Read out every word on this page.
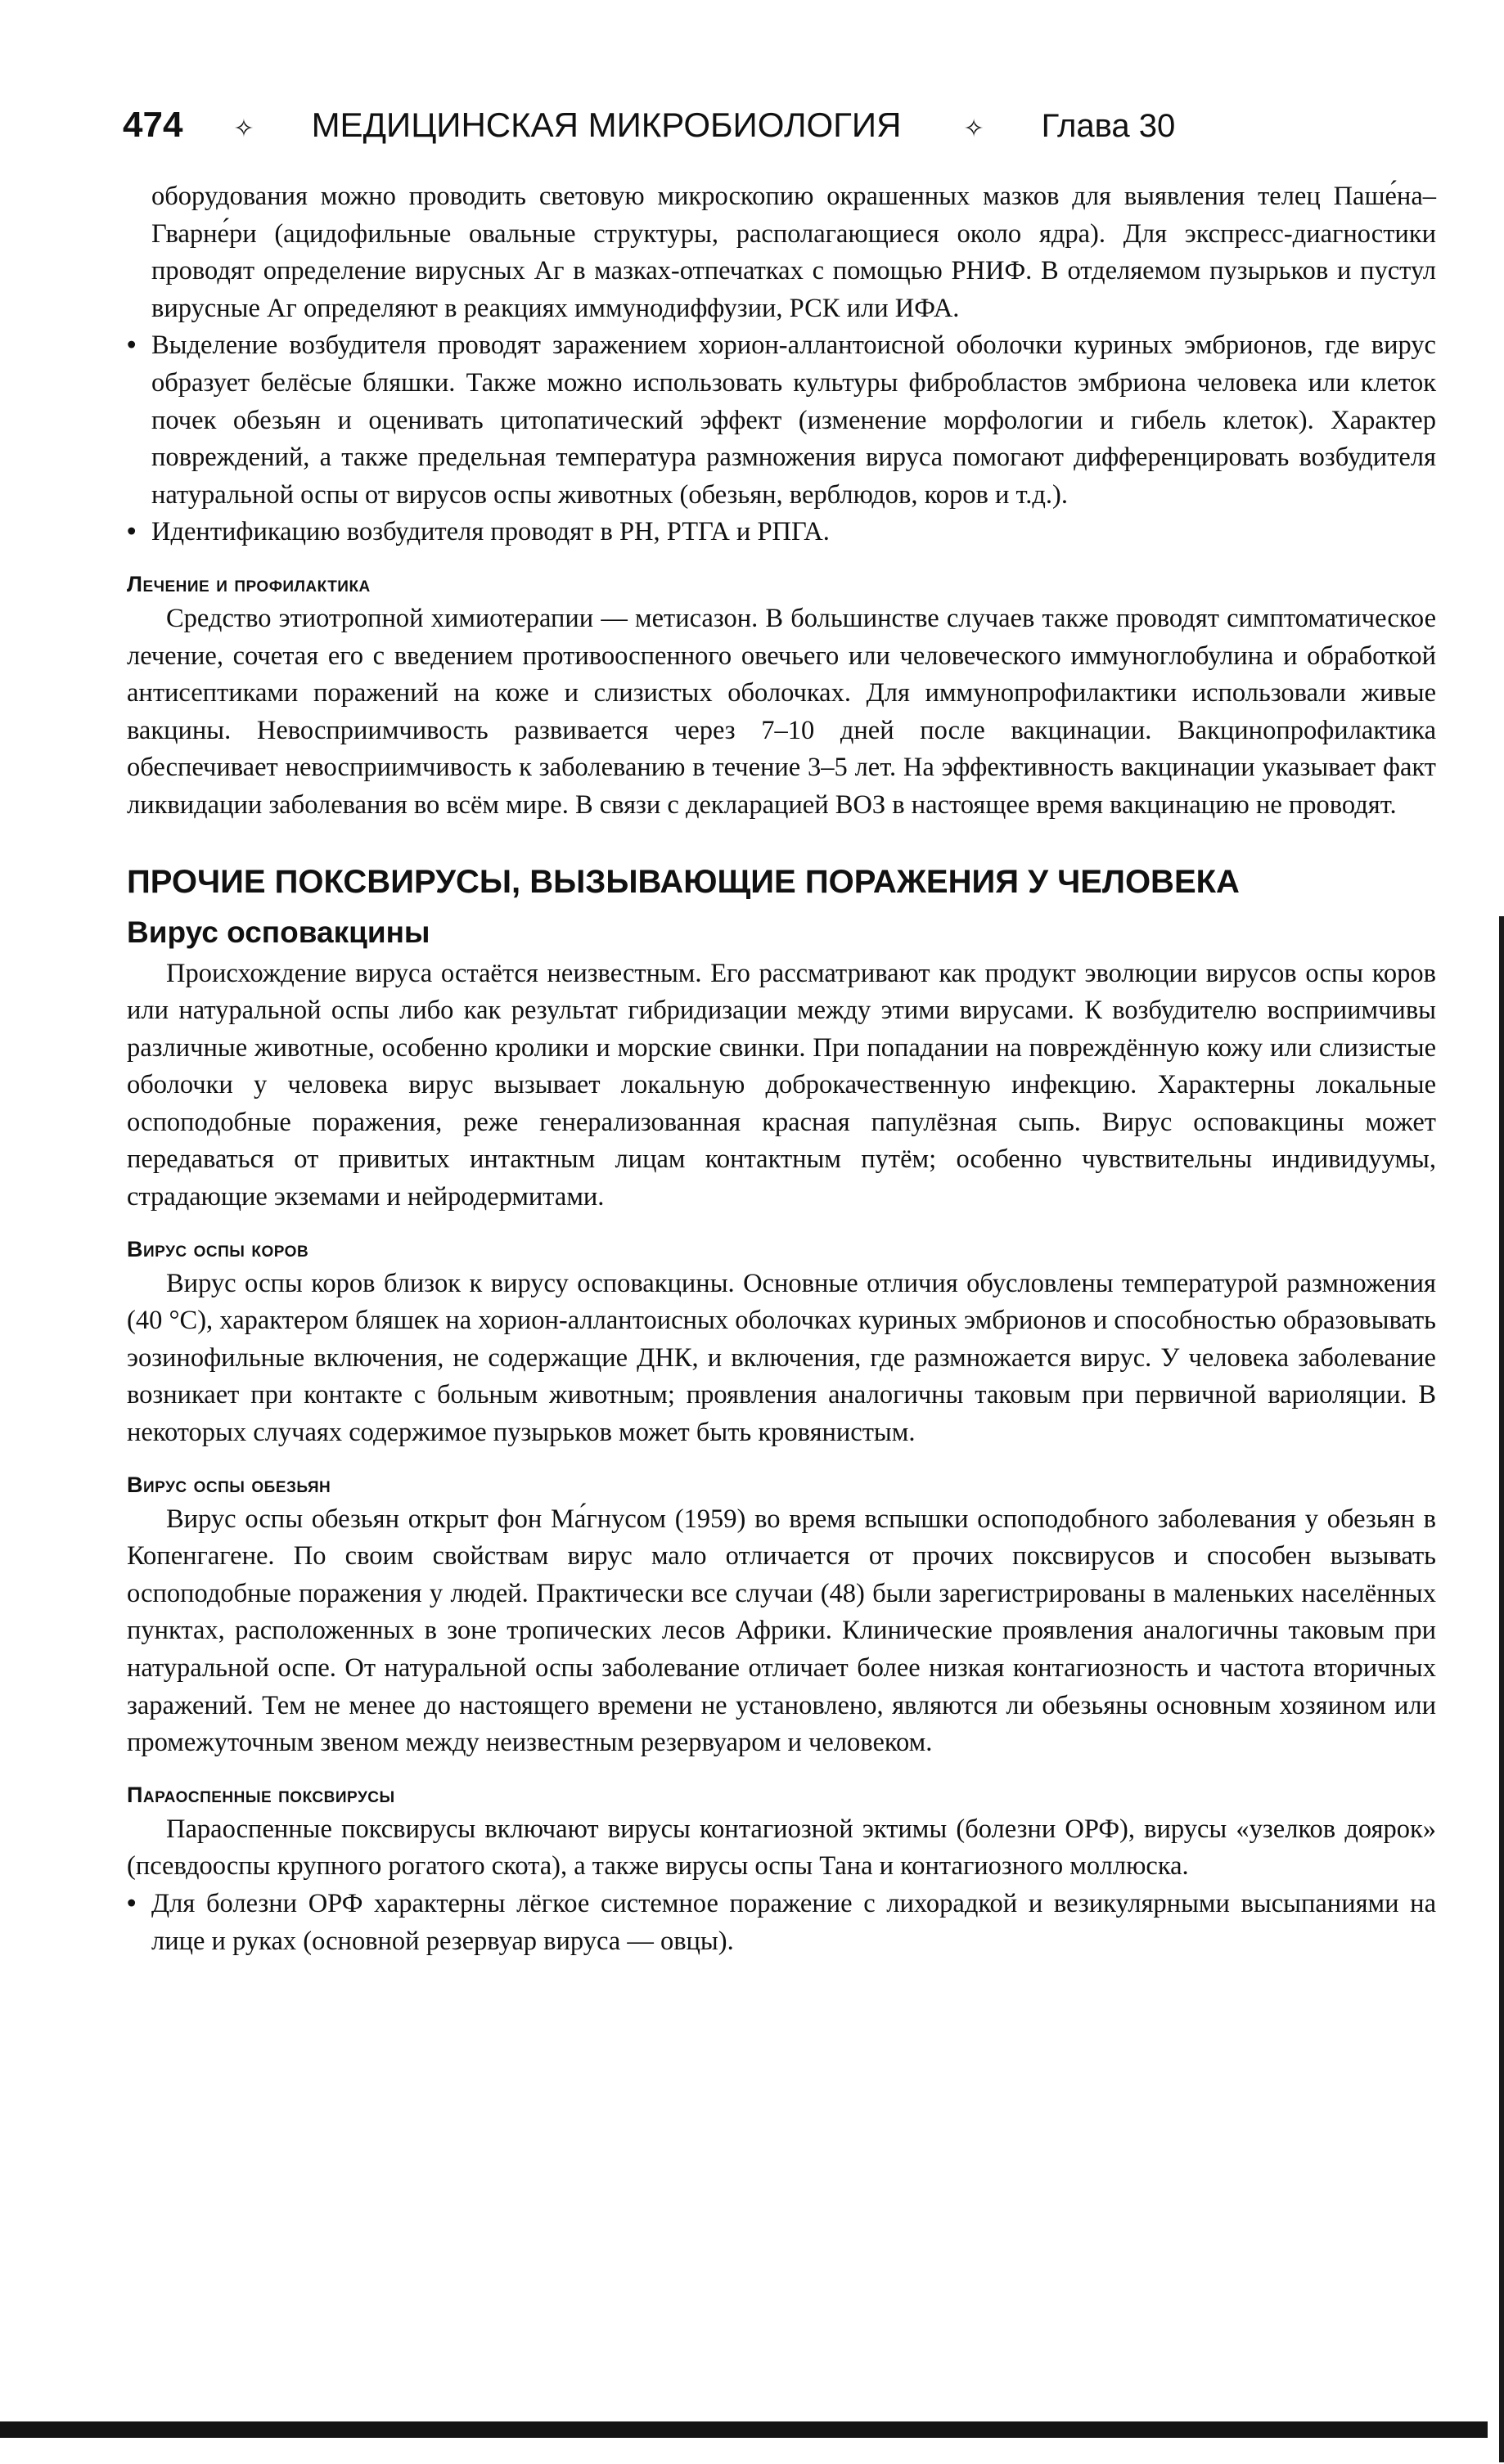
474 ✧ МЕДИЦИНСКАЯ МИКРОБИОЛОГИЯ	✧ Глава 30

оборудования можно проводить световую микроскопию окрашенных мазков для выявления телец Паше́на–Гварне́ри (ацидофильные овальные структуры, располагающиеся около ядра). Для экспресс-диагностики проводят определение вирусных Аг в мазках-отпечатках с помощью РНИФ. В отделяемом пузырьков и пустул вирусные Аг определяют в реакциях иммунодиффузии, РСК или ИФА.

• Выделение возбудителя проводят заражением хорион-аллантоисной оболочки куриных эмбрионов, где вирус образует белёсые бляшки. Также можно использовать культуры фибробластов эмбриона человека или клеток почек обезьян и оценивать цитопатический эффект (изменение морфологии и гибель клеток). Характер повреждений, а также предельная температура размножения вируса помогают дифференцировать возбудителя натуральной оспы от вирусов оспы животных (обезьян, верблюдов, коров и т.д.).

• Идентификацию возбудителя проводят в РН, РТГА и РПГА.

Лечение и профилактика

Средство этиотропной химиотерапии — метисазон. В большинстве случаев также проводят симптоматическое лечение, сочетая его с введением противооспенного овечьего или человеческого иммуноглобулина и обработкой антисептиками поражений на коже и слизистых оболочках. Для иммунопрофилактики использовали живые вакцины. Невосприимчивость развивается через 7–10 дней после вакцинации. Вакцинопрофилактика обеспечивает невосприимчивость к заболеванию в течение 3–5 лет. На эффективность вакцинации указывает факт ликвидации заболевания во всём мире. В связи с декларацией ВОЗ в настоящее время вакцинацию не проводят.

ПРОЧИЕ ПОКСВИРУСЫ, ВЫЗЫВАЮЩИЕ ПОРАЖЕНИЯ У ЧЕЛОВЕКА
Вирус осповакцины

Происхождение вируса остаётся неизвестным. Его рассматривают как продукт эволюции вирусов оспы коров или натуральной оспы либо как результат гибридизации между этими вирусами. К возбудителю восприимчивы различные животные, особенно кролики и морские свинки. При попадании на повреждённую кожу или слизистые оболочки у человека вирус вызывает локальную доброкачественную инфекцию. Характерны локальные оспоподобные поражения, реже генерализованная красная папулёзная сыпь. Вирус осповакцины может передаваться от привитых интактным лицам контактным путём; особенно чувствительны индивидуумы, страдающие экземами и нейродермитами.

Вирус оспы коров

Вирус оспы коров близок к вирусу осповакцины. Основные отличия обусловлены температурой размножения (40 °С), характером бляшек на хорион-аллантоисных оболочках куриных эмбрионов и способностью образовывать эозинофильные включения, не содержащие ДНК, и включения, где размножается вирус. У человека заболевание возникает при контакте с больным животным; проявления аналогичны таковым при первичной вариоляции. В некоторых случаях содержимое пузырьков может быть кровянистым.

Вирус оспы обезьян

Вирус оспы обезьян открыт фон Ма́гнусом (1959) во время вспышки оспоподобного заболевания у обезьян в Копенгагене. По своим свойствам вирус мало отличается от прочих поксвирусов и способен вызывать оспоподобные поражения у людей. Практически все случаи (48) были зарегистрированы в маленьких населённых пунктах, расположенных в зоне тропических лесов Африки. Клинические проявления аналогичны таковым при натуральной оспе. От натуральной оспы заболевание отличает более низкая контагиозность и частота вторичных заражений. Тем не менее до настоящего времени не установлено, являются ли обезьяны основным хозяином или промежуточным звеном между неизвестным резервуаром и человеком.

Параоспенные поксвирусы

Параоспенные поксвирусы включают вирусы контагиозной эктимы (болезни ОРФ), вирусы «узелков доярок» (псевдооспы крупного рогатого скота), а также вирусы оспы Тана и контагиозного моллюска.

• Для болезни ОРФ характерны лёгкое системное поражение с лихорадкой и везикулярными высыпаниями на лице и руках (основной резервуар вируса — овцы).
